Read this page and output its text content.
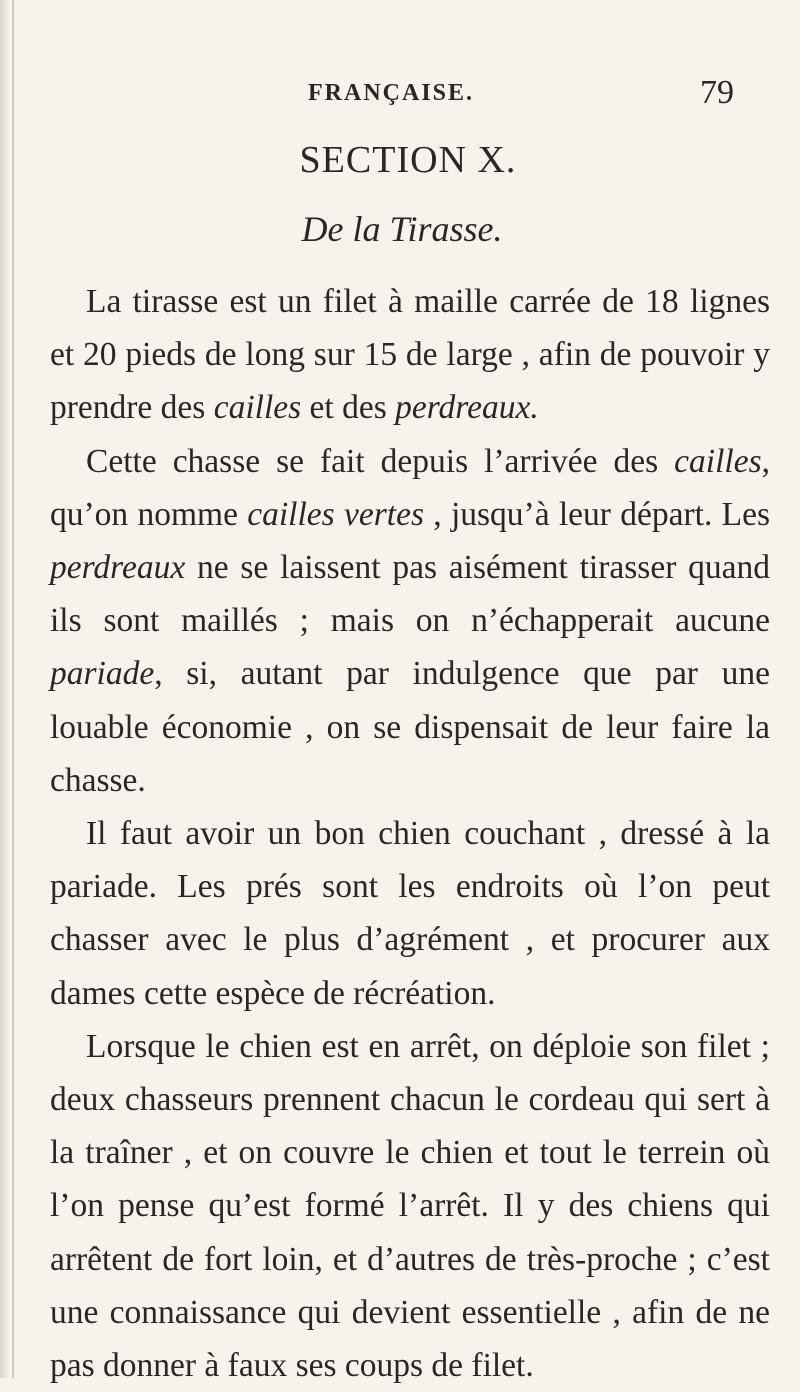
FRANÇAISE.	79
SECTION X.
De la Tirasse.

La tirasse est un filet à maille carrée de 18 lignes et 20 pieds de long sur 15 de large , afin de pouvoir y prendre des cailles et des perdreaux.

Cette chasse se fait depuis l’arrivée des cailles, qu’on nomme cailles vertes , jusqu’à leur départ. Les perdreaux ne se laissent pas aisément tirasser quand ils sont maillés ; mais on n’échapperait aucune pariade, si, autant par indulgence que par une louable économie , on se dispensait de leur faire la chasse.

Il faut avoir un bon chien couchant , dressé à la pariade. Les prés sont les endroits où l’on peut chasser avec le plus d’agrément , et procurer aux dames cette espèce de récréation.

Lorsque le chien est en arrêt, on déploie son filet ; deux chasseurs prennent chacun le cordeau qui sert à la traîner , et on couvre le chien et tout le terrein où l’on pense qu’est formé l’arrêt. Il y des chiens qui arrêtent de fort loin, et d’autres de très-proche ; c’est une connaissance qui devient essentielle , afin de ne pas donner à faux ses coups de filet.
